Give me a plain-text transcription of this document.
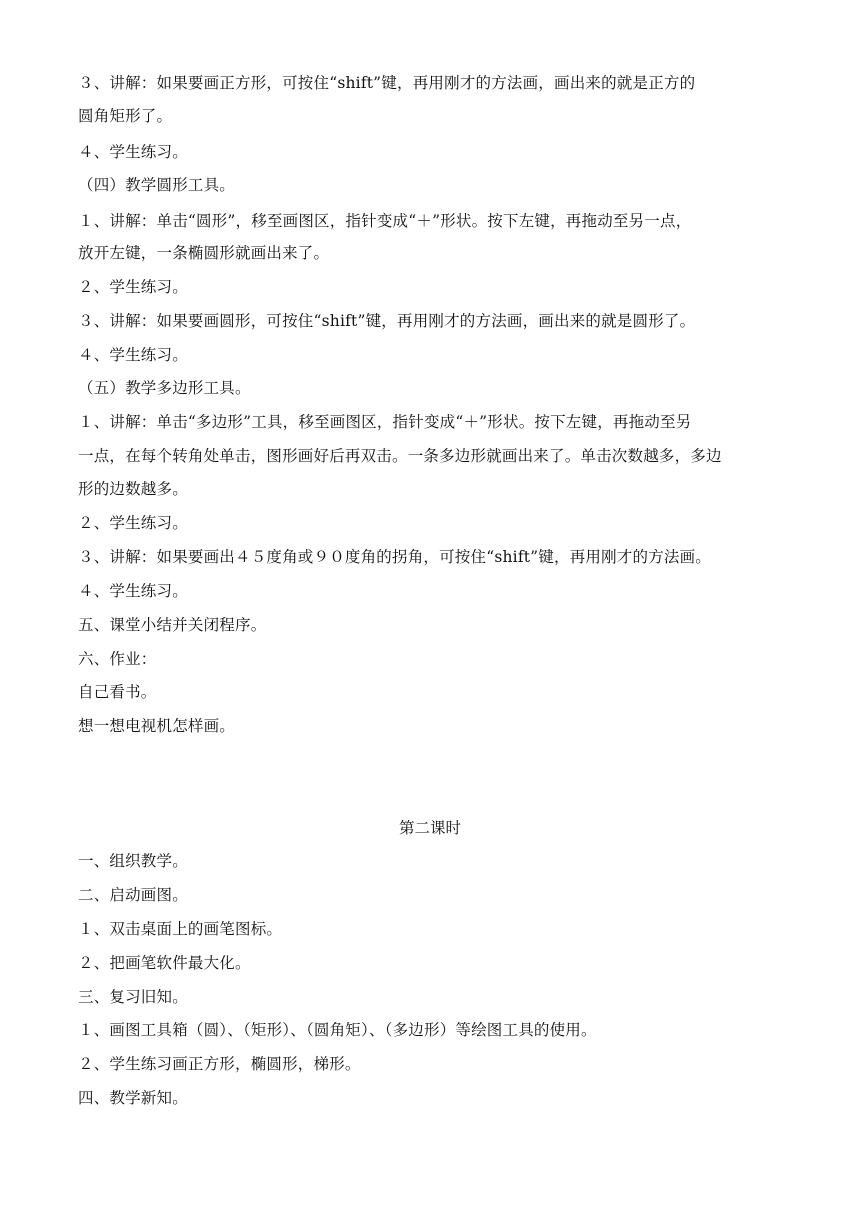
３、讲解：如果要画正方形，可按住“shift”键，再用刚才的方法画，画出来的就是正方的
圆角矩形了。
４、学生练习。
（四）教学圆形工具。
１、讲解：单击“圆形”，移至画图区，指针变成“＋”形状。按下左键，再拖动至另一点，
放开左键，一条椭圆形就画出来了。
２、学生练习。
３、讲解：如果要画圆形，可按住“shift”键，再用刚才的方法画，画出来的就是圆形了。
４、学生练习。
（五）教学多边形工具。
１、讲解：单击“多边形”工具，移至画图区，指针变成“＋”形状。按下左键，再拖动至另
一点，在每个转角处单击，图形画好后再双击。一条多边形就画出来了。单击次数越多，多边
形的边数越多。
２、学生练习。
３、讲解：如果要画出４５度角或９０度角的拐角，可按住“shift”键，再用刚才的方法画。
４、学生练习。
五、课堂小结并关闭程序。
六、作业：
自己看书。
想一想电视机怎样画。
第二课时
一、组织教学。
二、启动画图。
１、双击桌面上的画笔图标。
２、把画笔软件最大化。
三、复习旧知。
１、画图工具箱（圆）、（矩形）、（圆角矩）、（多边形）等绘图工具的使用。
２、学生练习画正方形，椭圆形，梯形。
四、教学新知。
